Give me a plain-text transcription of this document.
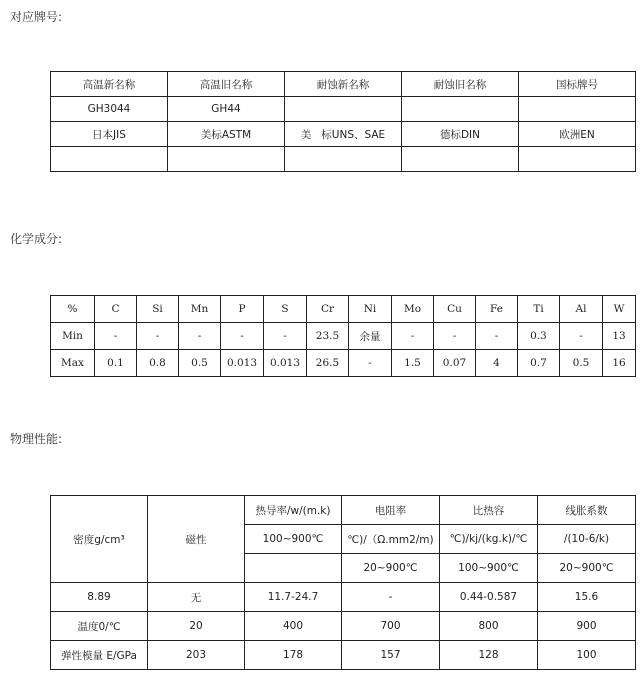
对应牌号:
高温新名称	高温旧名称	耐蚀新名称	耐蚀旧名称	国标牌号
GH3044	GH44			
日本JIS	美标ASTM	美   标UNS、SAE	德标DIN	欧洲EN

化学成分:
%	C	Si	Mn	P	S	Cr	Ni	Mo	Cu	Fe	Ti	Al	W
Min	-	-	-	-	-	23.5	余量	-	-	-	0.3	-	13
Max	0.1	0.8	0.5	0.013	0.013	26.5	-	1.5	0.07	4	0.7	0.5	16
物理性能:
密度g/cm³	磁性	热导率/w/(m.k)	电阻率	比热容	线胀系数
		100~900℃	℃)/（Ω.mm2/m)	℃)/kj/(kg.k)/℃	/(10-6/k)
			20~900℃	100~900℃	20~900℃
8.89	无	11.7-24.7	-	0.44-0.587	15.6
温度0/℃	20	400	700	800	900
弹性模量 E/GPa	203	178	157	128	100
